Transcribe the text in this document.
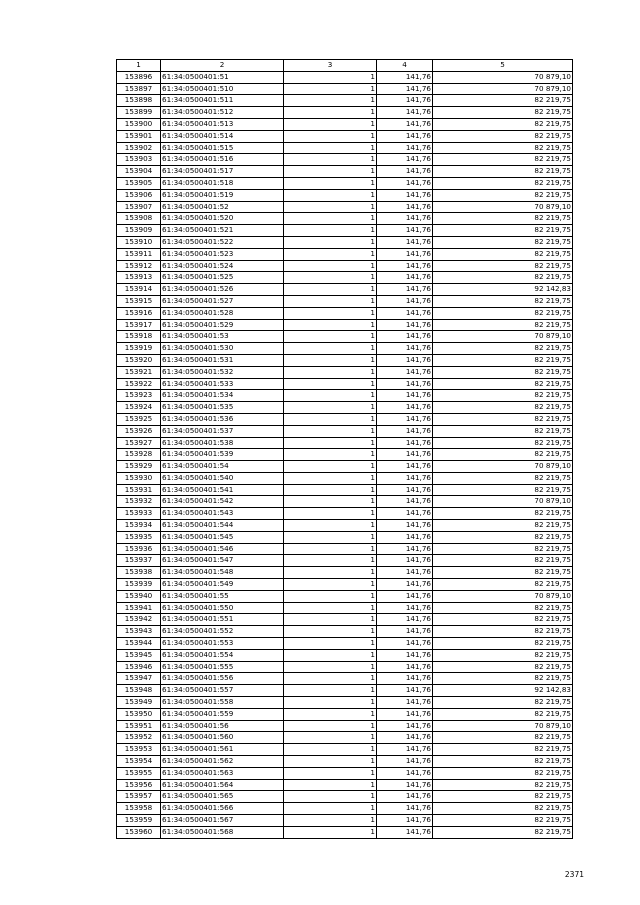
1	2	3	4	5
153896	61:34:0500401:51	1	141,76	70 879,10
153897	61:34:0500401:510	1	141,76	70 879,10
153898	61:34:0500401:511	1	141,76	82 219,75
153899	61:34:0500401:512	1	141,76	82 219,75
153900	61:34:0500401:513	1	141,76	82 219,75
153901	61:34:0500401:514	1	141,76	82 219,75
153902	61:34:0500401:515	1	141,76	82 219,75
153903	61:34:0500401:516	1	141,76	82 219,75
153904	61:34:0500401:517	1	141,76	82 219,75
153905	61:34:0500401:518	1	141,76	82 219,75
153906	61:34:0500401:519	1	141,76	82 219,75
153907	61:34:0500401:52	1	141,76	70 879,10
153908	61:34:0500401:520	1	141,76	82 219,75
153909	61:34:0500401:521	1	141,76	82 219,75
153910	61:34:0500401:522	1	141,76	82 219,75
153911	61:34:0500401:523	1	141,76	82 219,75
153912	61:34:0500401:524	1	141,76	82 219,75
153913	61:34:0500401:525	1	141,76	82 219,75
153914	61:34:0500401:526	1	141,76	92 142,83
153915	61:34:0500401:527	1	141,76	82 219,75
153916	61:34:0500401:528	1	141,76	82 219,75
153917	61:34:0500401:529	1	141,76	82 219,75
153918	61:34:0500401:53	1	141,76	70 879,10
153919	61:34:0500401:530	1	141,76	82 219,75
153920	61:34:0500401:531	1	141,76	82 219,75
153921	61:34:0500401:532	1	141,76	82 219,75
153922	61:34:0500401:533	1	141,76	82 219,75
153923	61:34:0500401:534	1	141,76	82 219,75
153924	61:34:0500401:535	1	141,76	82 219,75
153925	61:34:0500401:536	1	141,76	82 219,75
153926	61:34:0500401:537	1	141,76	82 219,75
153927	61:34:0500401:538	1	141,76	82 219,75
153928	61:34:0500401:539	1	141,76	82 219,75
153929	61:34:0500401:54	1	141,76	70 879,10
153930	61:34:0500401:540	1	141,76	82 219,75
153931	61:34:0500401:541	1	141,76	82 219,75
153932	61:34:0500401:542	1	141,76	70 879,10
153933	61:34:0500401:543	1	141,76	82 219,75
153934	61:34:0500401:544	1	141,76	82 219,75
153935	61:34:0500401:545	1	141,76	82 219,75
153936	61:34:0500401:546	1	141,76	82 219,75
153937	61:34:0500401:547	1	141,76	82 219,75
153938	61:34:0500401:548	1	141,76	82 219,75
153939	61:34:0500401:549	1	141,76	82 219,75
153940	61:34:0500401:55	1	141,76	70 879,10
153941	61:34:0500401:550	1	141,76	82 219,75
153942	61:34:0500401:551	1	141,76	82 219,75
153943	61:34:0500401:552	1	141,76	82 219,75
153944	61:34:0500401:553	1	141,76	82 219,75
153945	61:34:0500401:554	1	141,76	82 219,75
153946	61:34:0500401:555	1	141,76	82 219,75
153947	61:34:0500401:556	1	141,76	82 219,75
153948	61:34:0500401:557	1	141,76	92 142,83
153949	61:34:0500401:558	1	141,76	82 219,75
153950	61:34:0500401:559	1	141,76	82 219,75
153951	61:34:0500401:56	1	141,76	70 879,10
153952	61:34:0500401:560	1	141,76	82 219,75
153953	61:34:0500401:561	1	141,76	82 219,75
153954	61:34:0500401:562	1	141,76	82 219,75
153955	61:34:0500401:563	1	141,76	82 219,75
153956	61:34:0500401:564	1	141,76	82 219,75
153957	61:34:0500401:565	1	141,76	82 219,75
153958	61:34:0500401:566	1	141,76	82 219,75
153959	61:34:0500401:567	1	141,76	82 219,75
153960	61:34:0500401:568	1	141,76	82 219,75
2371
